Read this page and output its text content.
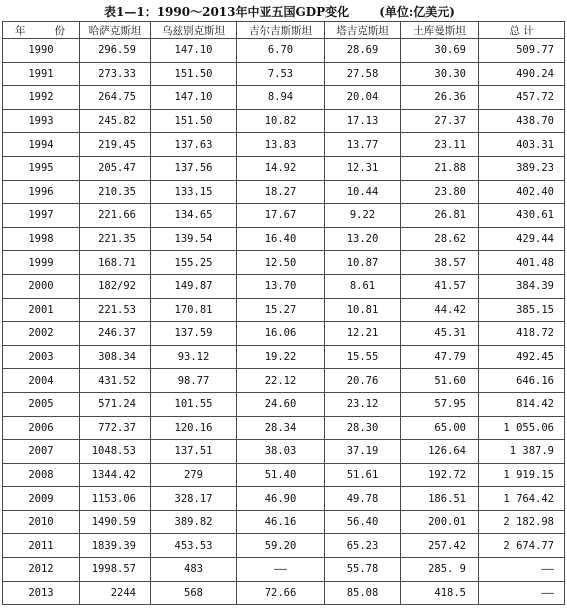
表1—1：1990～2013年中亚五国GDP变化	(单位:亿美元)
年 份	哈萨克斯坦	乌兹别克斯坦	吉尔吉斯斯坦	塔吉克斯坦	土库曼斯坦	总 计
1990	296.59	147.10	6.70	28.69	30.69	509.77
1991	273.33	151.50	7.53	27.58	30.30	490.24
1992	264.75	147.10	8.94	20.04	26.36	457.72
1993	245.82	151.50	10.82	17.13	27.37	438.70
1994	219.45	137.63	13.83	13.77	23.11	403.31
1995	205.47	137.56	14.92	12.31	21.88	389.23
1996	210.35	133.15	18.27	10.44	23.80	402.40
1997	221.66	134.65	17.67	9.22	26.81	430.61
1998	221.35	139.54	16.40	13.20	28.62	429.44
1999	168.71	155.25	12.50	10.87	38.57	401.48
2000	182/92	149.87	13.70	8.61	41.57	384.39
2001	221.53	170.81	15.27	10.81	44.42	385.15
2002	246.37	137.59	16.06	12.21	45.31	418.72
2003	308.34	93.12	19.22	15.55	47.79	492.45
2004	431.52	98.77	22.12	20.76	51.60	646.16
2005	571.24	101.55	24.60	23.12	57.95	814.42
2006	772.37	120.16	28.34	28.30	65.00	1 055.06
2007	1048.53	137.51	38.03	37.19	126.64	1 387.9
2008	1344.42	279	51.40	51.61	192.72	1 919.15
2009	1153.06	328.17	46.90	49.78	186.51	1 764.42
2010	1490.59	389.82	46.16	56.40	200.01	2 182.98
2011	1839.39	453.53	59.20	65.23	257.42	2 674.77
2012	1998.57	483	——	55.78	285. 9	——
2013	2244	568	72.66	85.08	418.5	——
